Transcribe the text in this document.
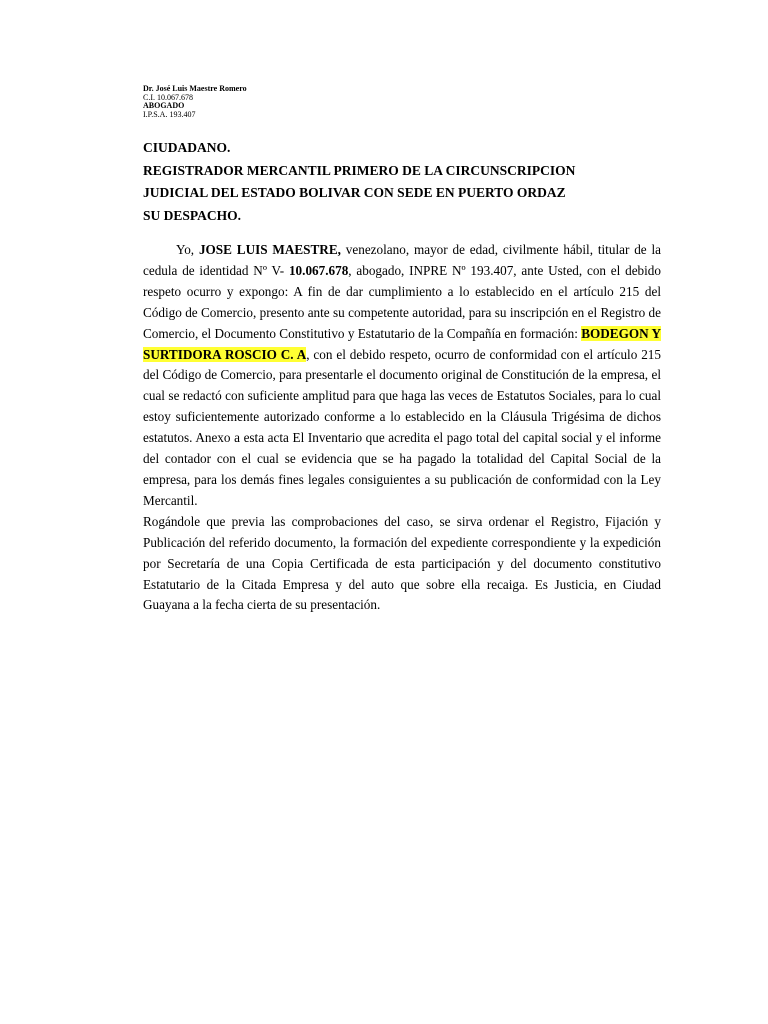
Dr. José Luis Maestre Romero
C.I. 10.067.678
ABOGADO
I.P.S.A. 193.407
CIUDADANO.
REGISTRADOR MERCANTIL PRIMERO DE LA CIRCUNSCRIPCION
JUDICIAL DEL ESTADO BOLIVAR CON SEDE EN PUERTO ORDAZ
SU DESPACHO.

Yo, JOSE LUIS MAESTRE, venezolano, mayor de edad, civilmente hábil, titular de la cedula de identidad Nº V- 10.067.678, abogado, INPRE Nº 193.407, ante Usted, con el debido respeto ocurro y expongo: A fin de dar cumplimiento a lo establecido en el artículo 215 del Código de Comercio, presento ante su competente autoridad, para su inscripción en el Registro de Comercio, el Documento Constitutivo y Estatutario de la Compañía en formación: BODEGON Y SURTIDORA ROSCIO C. A, con el debido respeto, ocurro de conformidad con el artículo 215 del Código de Comercio, para presentarle el documento original de Constitución de la empresa, el cual se redactó con suficiente amplitud para que haga las veces de Estatutos Sociales, para lo cual estoy suficientemente autorizado conforme a lo establecido en la Cláusula Trigésima de dichos estatutos. Anexo a esta acta El Inventario que acredita el pago total del capital social y el informe del contador con el cual se evidencia que se ha pagado la totalidad del Capital Social de la empresa, para los demás fines legales consiguientes a su publicación de conformidad con la Ley Mercantil.

Rogándole que previa las comprobaciones del caso, se sirva ordenar el Registro, Fijación y Publicación del referido documento, la formación del expediente correspondiente y la expedición por Secretaría de una Copia Certificada de esta participación y del documento constitutivo Estatutario de la Citada Empresa y del auto que sobre ella recaiga. Es Justicia, en Ciudad Guayana a la fecha cierta de su presentación.
